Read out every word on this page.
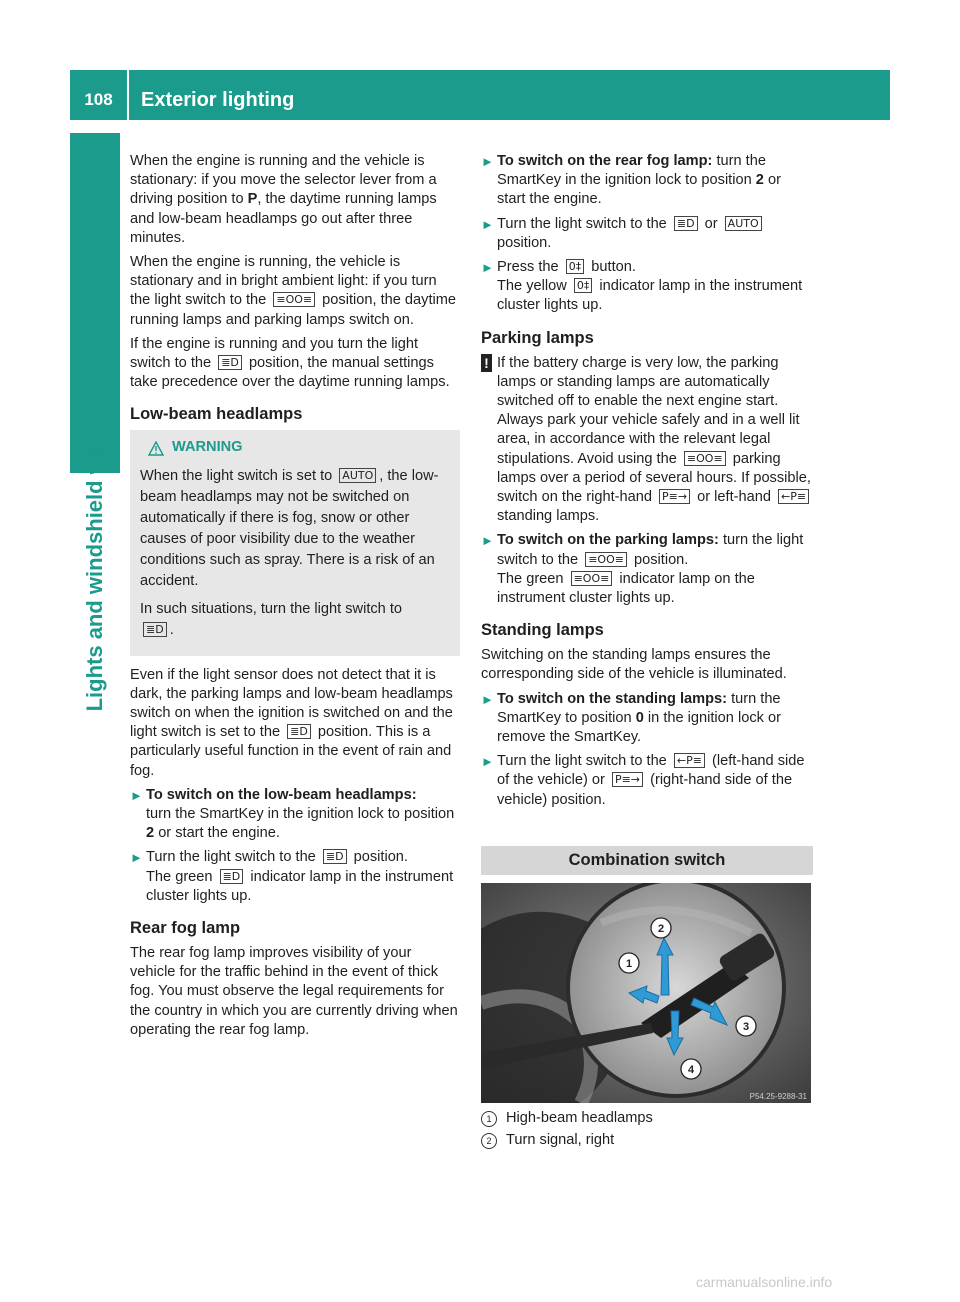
108	Exterior lighting
Lights and windshield wipers

When the engine is running and the vehicle is stationary: if you move the selector lever from a driving position to P, the daytime running lamps and low-beam headlamps go out after three minutes.

When the engine is running, the vehicle is stationary and in bright ambient light: if you turn the light switch to the ≡OO≡ position, the daytime running lamps and parking lamps switch on.

If the engine is running and you turn the light switch to the ≣D position, the manual settings take precedence over the daytime running lamps.

Low-beam headlamps
WARNING

When the light switch is set to AUTO , the low-beam headlamps may not be switched on automatically if there is fog, snow or other causes of poor visibility due to the weather conditions such as spray. There is a risk of an accident.

In such situations, turn the light switch to
≣D .

Even if the light sensor does not detect that it is dark, the parking lamps and low-beam headlamps switch on when the ignition is switched on and the light switch is set to the ≣D position. This is a particularly useful function in the event of rain and fog.

► To switch on the low-beam headlamps:
turn the SmartKey in the ignition lock to position 2 or start the engine.
► Turn the light switch to the ≣D position.
The green ≣D indicator lamp in the instrument cluster lights up.
Rear fog lamp

The rear fog lamp improves visibility of your vehicle for the traffic behind in the event of thick fog. You must observe the legal requirements for the country in which you are currently driving when operating the rear fog lamp.

► To switch on the rear fog lamp: turn the SmartKey in the ignition lock to position 2 or start the engine.
► Turn the light switch to the ≣D or AUTO
position.
► Press the 0‡ button.
The yellow 0‡ indicator lamp in the instrument cluster lights up.
Parking lamps
! If the battery charge is very low, the parking lamps or standing lamps are automatically switched off to enable the next engine start. Always park your vehicle safely and in a well lit area, in accordance with the relevant legal stipulations. Avoid using the ≡OO≡ parking lamps over a period of several hours. If possible, switch on the right-hand P≡→ or left-hand ←P≡ standing lamps.
► To switch on the parking lamps: turn the light switch to the ≡OO≡ position.
The green ≡OO≡ indicator lamp on the instrument cluster lights up.
Standing lamps

Switching on the standing lamps ensures the corresponding side of the vehicle is illuminated.

► To switch on the standing lamps: turn the SmartKey to position 0 in the ignition lock or remove the SmartKey.
► Turn the light switch to the ←P≡ (left-hand side of the vehicle) or P≡→ (right-hand side of the vehicle) position.
Combination switch
1
2
3
4
P54.25-9288-31
1 High-beam headlamps
2 Turn signal, right
carmanualsonline.info
